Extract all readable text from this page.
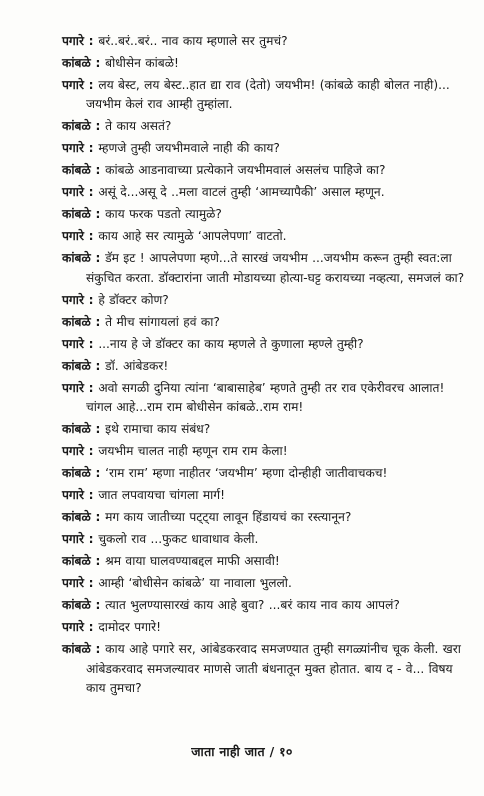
पगारे : बरं..बरं..बरं.. नाव काय म्हणाले सर तुमचं?
कांबळे : बोधीसेन कांबळे!
पगारे : लय बेस्ट, लय बेस्ट..हात द्या राव (देतो) जयभीम! (कांबळे काही बोलत नाही)... जयभीम केलं राव आम्ही तुम्हांला.
कांबळे : ते काय असतं?
पगारे : म्हणजे तुम्ही जयभीमवाले नाही की काय?
कांबळे : कांबळे आडनावाच्या प्रत्येकाने जयभीमवालं असलंच पाहिजे का?
पगारे : असूं दे...असू दे ..मला वाटलं तुम्ही ‘आमच्यापैकी’ असाल म्हणून.
कांबळे : काय फरक पडतो त्यामुळे?
पगारे : काय आहे सर त्यामुळे ‘आपलेपणा’ वाटतो.
कांबळे : डॅम इट ! आपलेपणा म्हणे...ते सारखं जयभीम ...जयभीम करून तुम्ही स्वत:ला संकुचित करता. डॉक्टारांना जाती मोडायच्या होत्या-घट्ट करायच्या नव्हत्या, समजलं का?
पगारे : हे डॉक्टर कोण?
कांबळे : ते मीच सांगायलां हवं का?
पगारे : ...नाय हे जे डॉक्टर का काय म्हणले ते कुणाला म्हण्ले तुम्ही?
कांबळे : डॉ. आंबेडकर!
पगारे : अवो सगळी दुनिया त्यांना ‘बाबासाहेब’ म्हणते तुम्ही तर राव एकेरीवरच आलात! चांगल आहे...राम राम बोधीसेन कांबळे..राम राम!
कांबळे : इथे रामाचा काय संबंध?
पगारे : जयभीम चालत नाही म्हणून राम राम केला!
कांबळे : ‘राम राम’ म्हणा नाहीतर ‘जयभीम’ म्हणा दोन्हीही जातीवाचकच!
पगारे : जात लपवायचा चांगला मार्ग!
कांबळे : मग काय जातीच्या पट्ट्या लावून हिंडायचं का रस्त्यानून?
पगारे : चुकलो राव ...फुकट धावाधाव केली.
कांबळे : श्रम वाया घालवण्याबद्दल माफी असावी!
पगारे : आम्ही ‘बोधीसेन कांबळे’ या नावाला भुललो.
कांबळे : त्यात भुलण्यासारखं काय आहे बुवा? ...बरं काय नाव काय आपलं?
पगारे : दामोदर पगारे!
कांबळे : काय आहे पगारे सर, आंबेडकरवाद समजण्यात तुम्ही सगळ्यांनीच चूक केली. खरा आंबेडकरवाद समजल्यावर माणसे जाती बंधनातून मुक्त होतात. बाय द - वे... विषय काय तुमचा?
जाता नाही जात / १०
